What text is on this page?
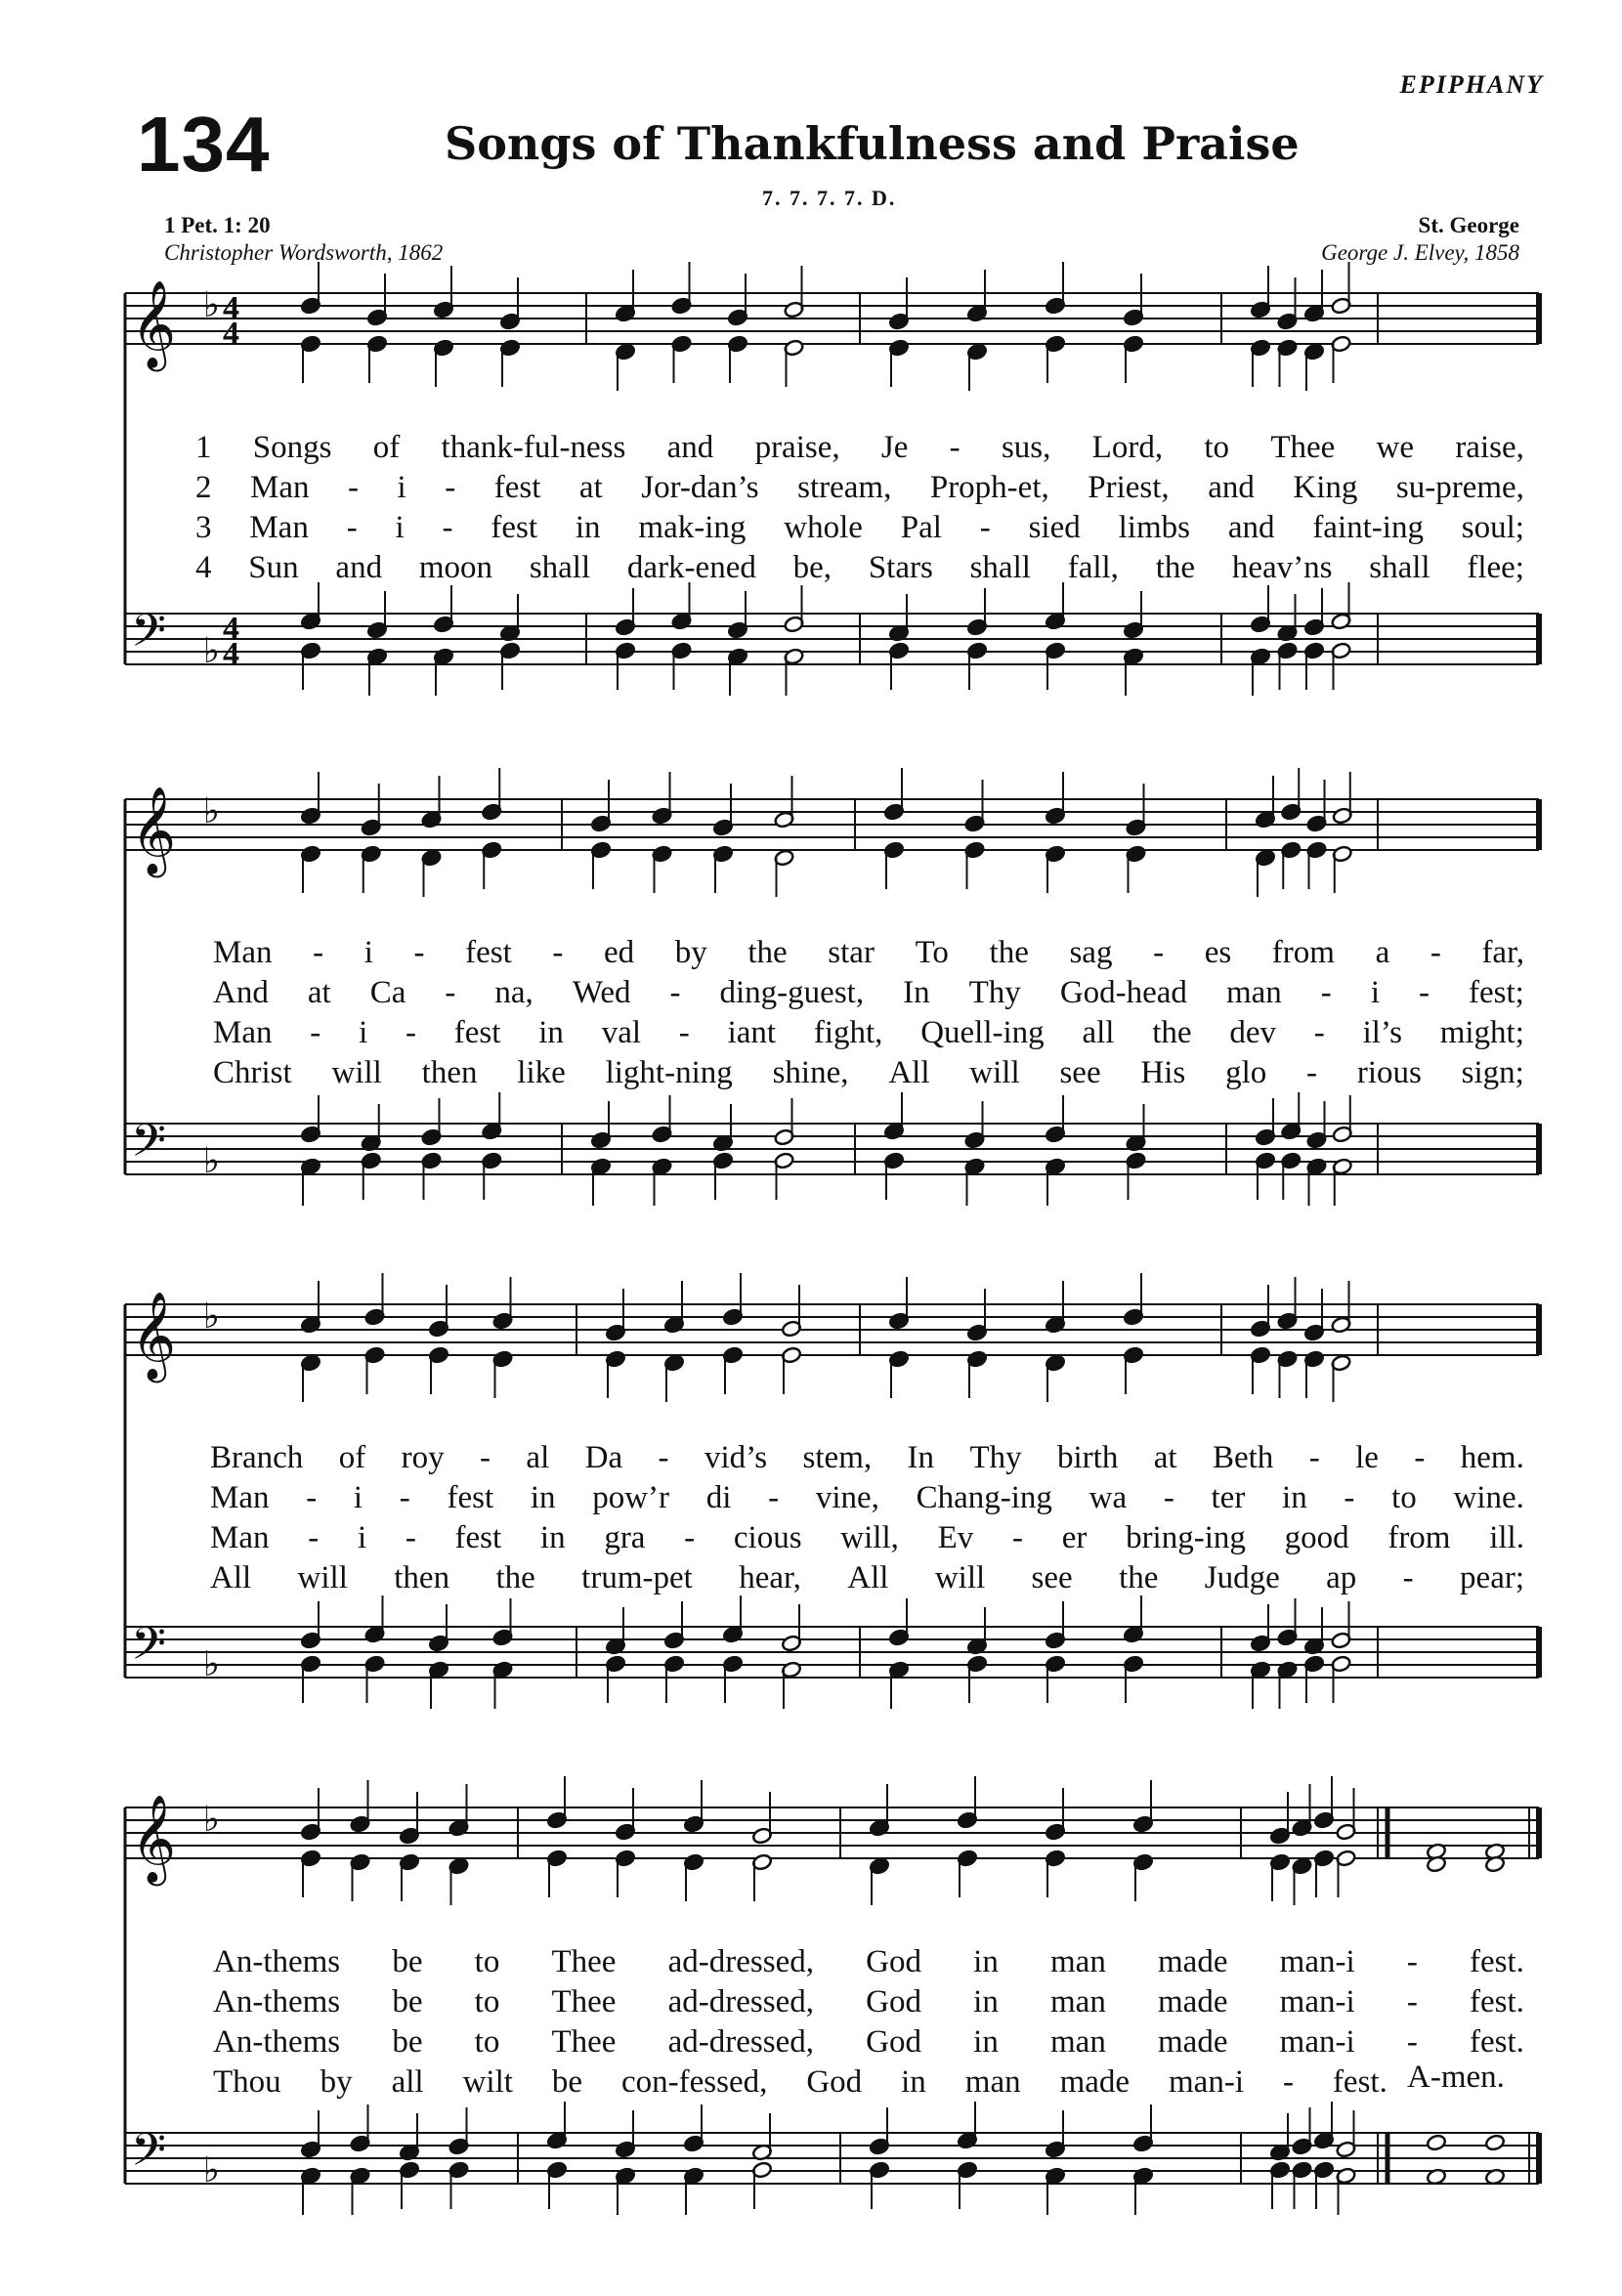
134	Songs of Thankfulness and Praise
EPIPHANY
7. 7. 7. 7. D.
1 Pet. 1: 20
Christopher Wordsworth, 1862
St. George
George J. Elvey, 1858
𝄞
𝄢
♭
♭
4
4
4
4
𝄞
𝄢
♭
♭
𝄞
𝄢
♭
♭
𝄞
𝄢
♭
♭
1 Songs of thank-ful-ness and praise, Je - sus, Lord, to Thee we raise,
2 Man - i - fest at Jor-dan’s stream, Proph-et, Priest, and King su-preme,
3 Man - i - fest in mak-ing whole Pal - sied limbs and faint-ing soul;
4 Sun and moon shall dark-ened be, Stars shall fall, the heav’ns shall flee;
Man - i - fest - ed by the star To the sag - es from a - far,
And at Ca - na, Wed - ding-guest, In Thy God-head man - i - fest;
Man - i - fest in val - iant fight, Quell-ing all the dev - il’s might;
Christ will then like light-ning shine, All will see His glo - rious sign;
Branch of roy - al Da - vid’s stem, In Thy birth at Beth - le - hem.
Man - i - fest in pow’r di - vine, Chang-ing wa - ter in - to wine.
Man - i - fest in gra - cious will, Ev - er bring-ing good from ill.
All will then the trum-pet hear, All will see the Judge ap - pear;
An-thems be to Thee ad-dressed, God in man made man-i - fest.
An-thems be to Thee ad-dressed, God in man made man-i - fest.
An-thems be to Thee ad-dressed, God in man made man-i - fest.
Thou by all wilt be con-fessed, God in man made man-i - fest. A-men.
